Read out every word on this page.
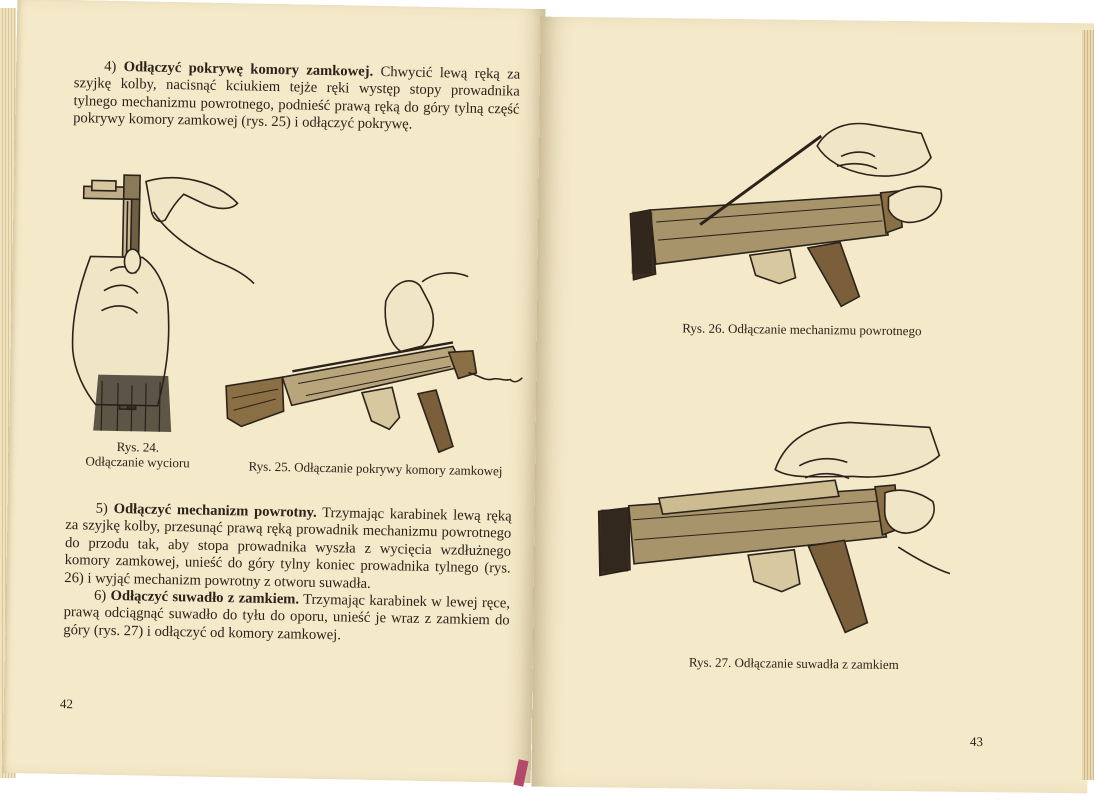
4) Odłączyć pokrywę komory zamkowej. Chwycić lewą ręką za szyjkę kolby, nacisnąć kciukiem tejże ręki występ stopy prowadnika tylnego mechanizmu powrotnego, podnieść prawą ręką do góry tylną część pokrywy komory zamkowej (rys. 25) i odłączyć pokrywę.

Rys. 24.
Odłączanie wycioru	Rys. 25. Odłączanie pokrywy komory zamkowej

5) Odłączyć mechanizm powrotny. Trzymając karabinek lewą ręką za szyjkę kolby, przesunąć prawą ręką prowadnik mechanizmu powrotnego do przodu tak, aby stopa prowadnika wyszła z wycięcia wzdłużnego komory zamkowej, unieść do góry tylny koniec prowadnika tylnego (rys. 26) i wyjąć mechanizm powrotny z otworu suwadła.

6) Odłączyć suwadło z zamkiem. Trzymając karabinek w lewej ręce, prawą odciągnąć suwadło do tyłu do oporu, unieść je wraz z zamkiem do góry (rys. 27) i odłączyć od komory zamkowej.

42
Rys. 26. Odłączanie mechanizmu powrotnego
Rys. 27. Odłączanie suwadła z zamkiem
43
